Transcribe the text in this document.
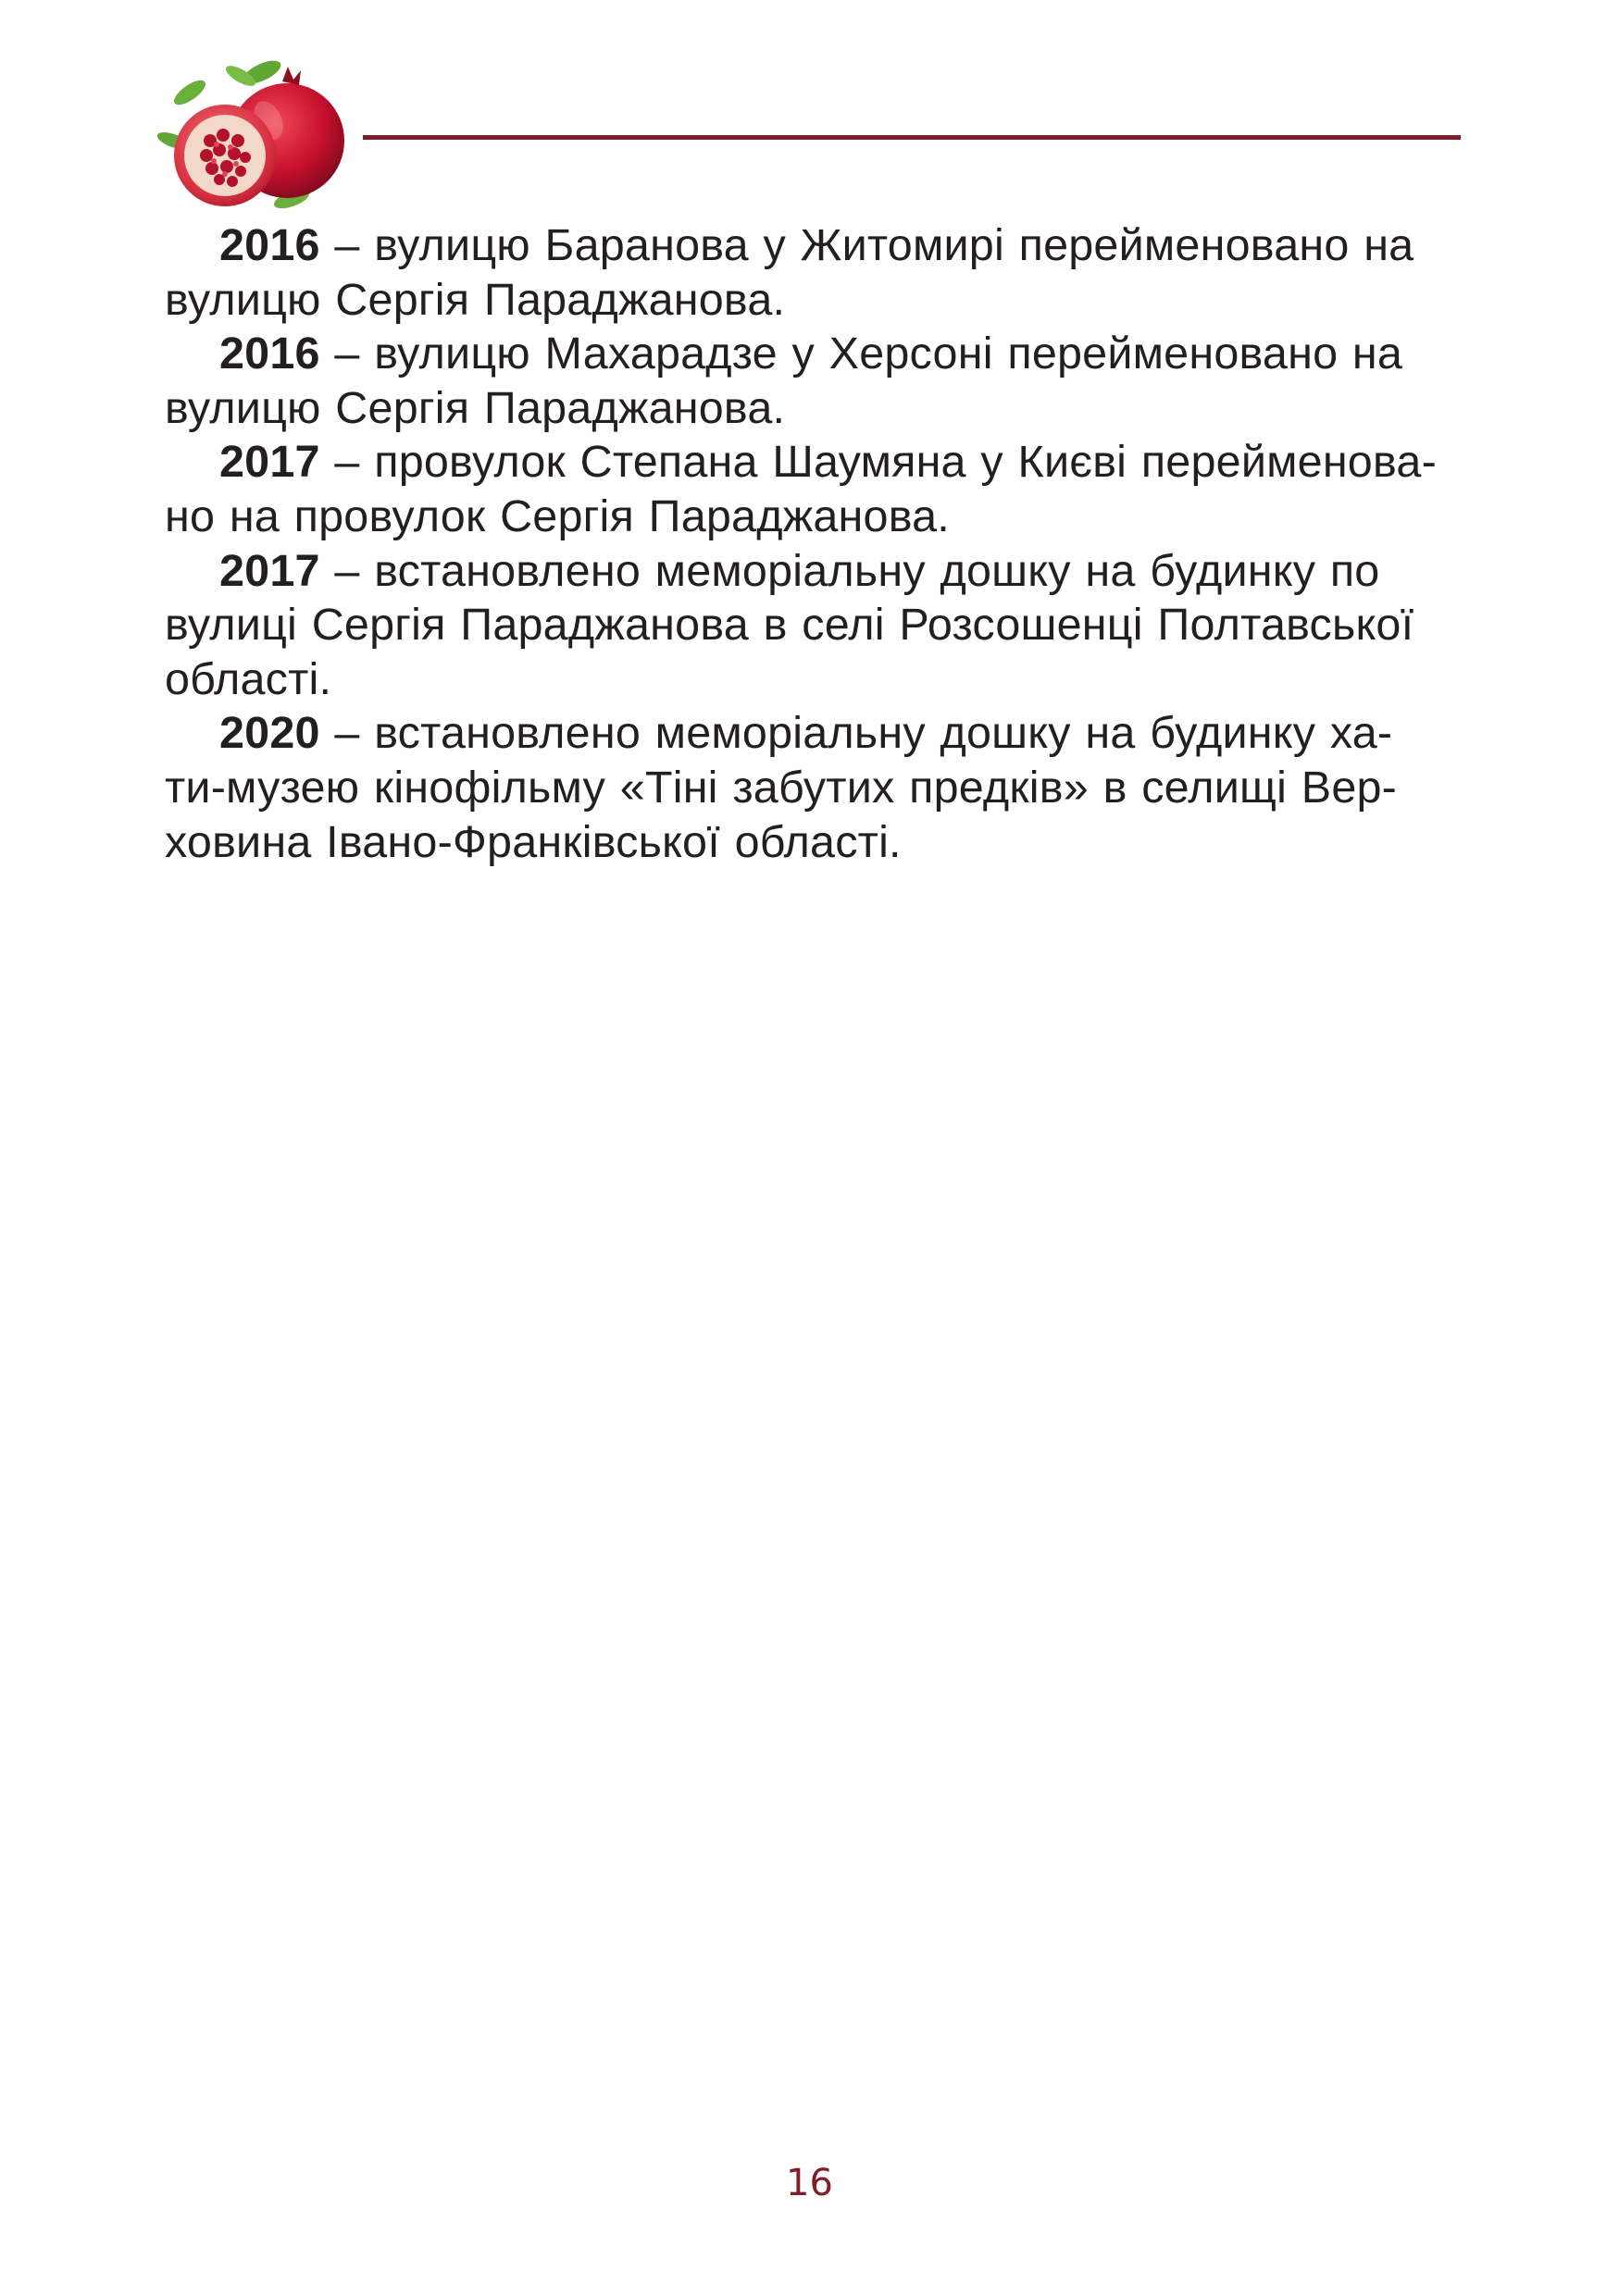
2016 – вулицю Баранова у Житомирі перейменовано на
вулицю Сергія Параджанова.

2016 – вулицю Махарадзе у Херсоні перейменовано на
вулицю Сергія Параджанова.

2017 – провулок Степана Шаумяна у Києві перейменова-
но на провулок Сергія Параджанова.

2017 – встановлено меморіальну дошку на будинку по
вулиці Сергія Параджанова в селі Розсошенці Полтавської
області.

2020 – встановлено меморіальну дошку на будинку ха-
ти-музею кінофільму «Тіні забутих предків» в селищі Вер-
ховина Івано-Франківської області.

16
